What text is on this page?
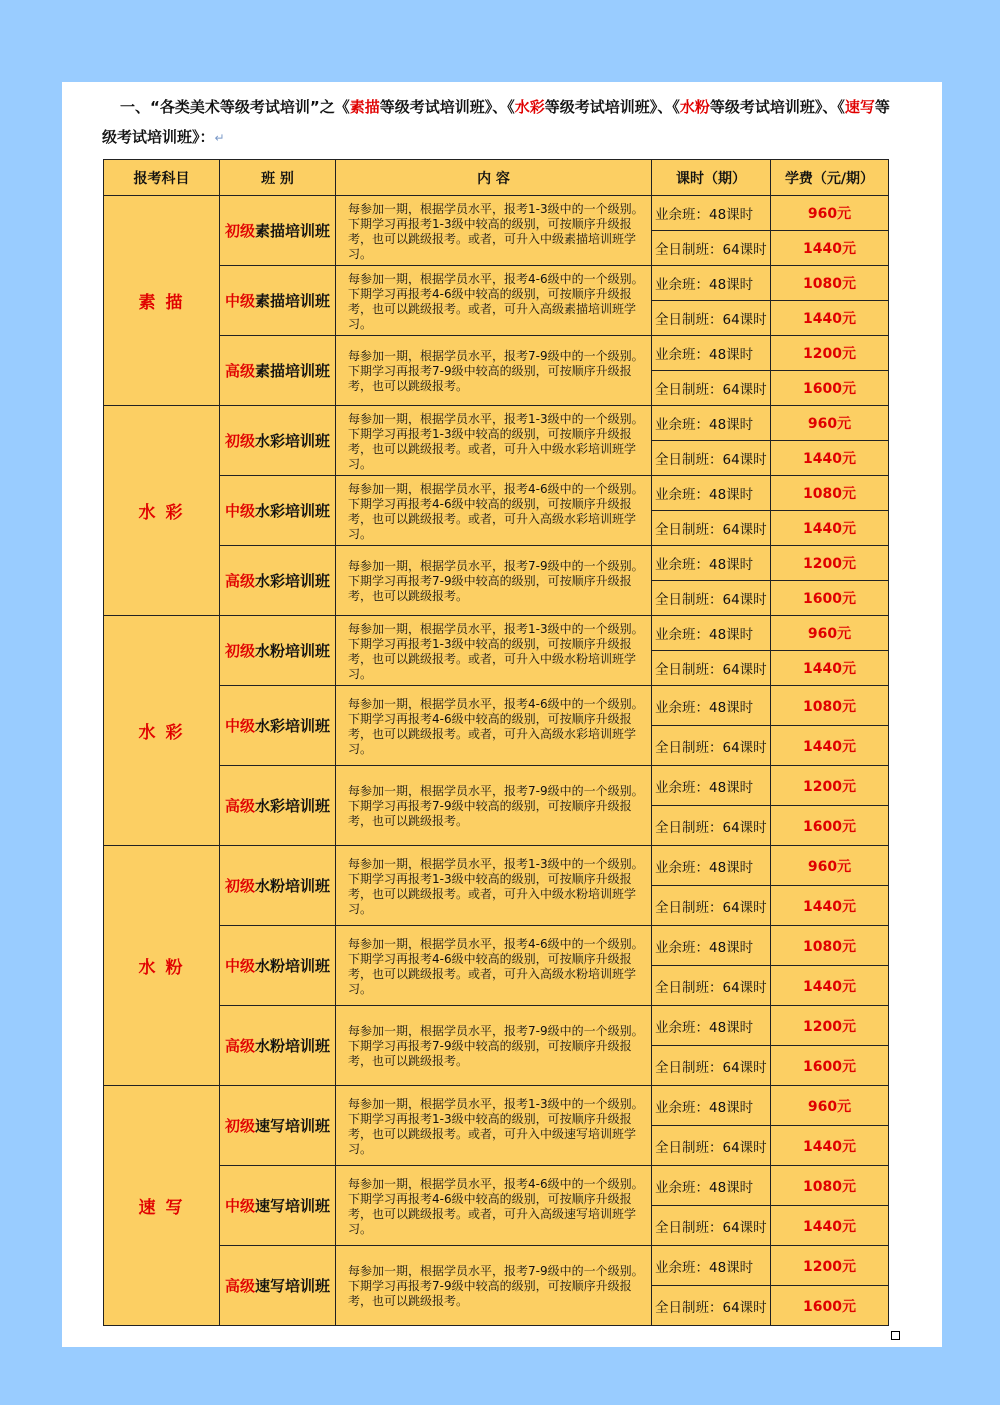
一、“各类美术等级考试培训”之《素描等级考试培训班》、《水彩等级考试培训班》、《水粉等级考试培训班》、《速写等级考试培训班》：↵
报考科目	班 别	内 容	课时（期）	学费（元/期）
素 描	初级素描培训班	每参加一期，根据学员水平，报考1-3级中的一个级别。下期学习再报考1-3级中较高的级别，可按顺序升级报考，也可以跳级报考。或者，可升入中级素描培训班学习。	业余班：48课时	960元
			全日制班：64课时	1440元
	中级素描培训班	每参加一期，根据学员水平，报考4-6级中的一个级别。下期学习再报考4-6级中较高的级别，可按顺序升级报考，也可以跳级报考。或者，可升入高级素描培训班学习。	业余班：48课时	1080元
			全日制班：64课时	1440元
	高级素描培训班	每参加一期，根据学员水平，报考7-9级中的一个级别。下期学习再报考7-9级中较高的级别，可按顺序升级报考，也可以跳级报考。	业余班：48课时	1200元
			全日制班：64课时	1600元
水 彩	初级水彩培训班	每参加一期，根据学员水平，报考1-3级中的一个级别。下期学习再报考1-3级中较高的级别，可按顺序升级报考，也可以跳级报考。或者，可升入中级水彩培训班学习。	业余班：48课时	960元
			全日制班：64课时	1440元
	中级水彩培训班	每参加一期，根据学员水平，报考4-6级中的一个级别。下期学习再报考4-6级中较高的级别，可按顺序升级报考，也可以跳级报考。或者，可升入高级水彩培训班学习。	业余班：48课时	1080元
			全日制班：64课时	1440元
	高级水彩培训班	每参加一期，根据学员水平，报考7-9级中的一个级别。下期学习再报考7-9级中较高的级别，可按顺序升级报考，也可以跳级报考。	业余班：48课时	1200元
			全日制班：64课时	1600元
水 彩	初级水粉培训班	每参加一期，根据学员水平，报考1-3级中的一个级别。下期学习再报考1-3级中较高的级别，可按顺序升级报考，也可以跳级报考。或者，可升入中级水粉培训班学习。	业余班：48课时	960元
			全日制班：64课时	1440元
	中级水彩培训班	每参加一期，根据学员水平，报考4-6级中的一个级别。下期学习再报考4-6级中较高的级别，可按顺序升级报考，也可以跳级报考。或者，可升入高级水彩培训班学习。	业余班：48课时	1080元
			全日制班：64课时	1440元
	高级水彩培训班	每参加一期，根据学员水平，报考7-9级中的一个级别。下期学习再报考7-9级中较高的级别，可按顺序升级报考，也可以跳级报考。	业余班：48课时	1200元
			全日制班：64课时	1600元
水 粉	初级水粉培训班	每参加一期，根据学员水平，报考1-3级中的一个级别。下期学习再报考1-3级中较高的级别，可按顺序升级报考，也可以跳级报考。或者，可升入中级水粉培训班学习。	业余班：48课时	960元
			全日制班：64课时	1440元
	中级水粉培训班	每参加一期，根据学员水平，报考4-6级中的一个级别。下期学习再报考4-6级中较高的级别，可按顺序升级报考，也可以跳级报考。或者，可升入高级水粉培训班学习。	业余班：48课时	1080元
			全日制班：64课时	1440元
	高级水粉培训班	每参加一期，根据学员水平，报考7-9级中的一个级别。下期学习再报考7-9级中较高的级别，可按顺序升级报考，也可以跳级报考。	业余班：48课时	1200元
			全日制班：64课时	1600元
速 写	初级速写培训班	每参加一期，根据学员水平，报考1-3级中的一个级别。下期学习再报考1-3级中较高的级别，可按顺序升级报考，也可以跳级报考。或者，可升入中级速写培训班学习。	业余班：48课时	960元
			全日制班：64课时	1440元
	中级速写培训班	每参加一期，根据学员水平，报考4-6级中的一个级别。下期学习再报考4-6级中较高的级别，可按顺序升级报考，也可以跳级报考。或者，可升入高级速写培训班学习。	业余班：48课时	1080元
			全日制班：64课时	1440元
	高级速写培训班	每参加一期，根据学员水平，报考7-9级中的一个级别。下期学习再报考7-9级中较高的级别，可按顺序升级报考，也可以跳级报考。	业余班：48课时	1200元
			全日制班：64课时	1600元
